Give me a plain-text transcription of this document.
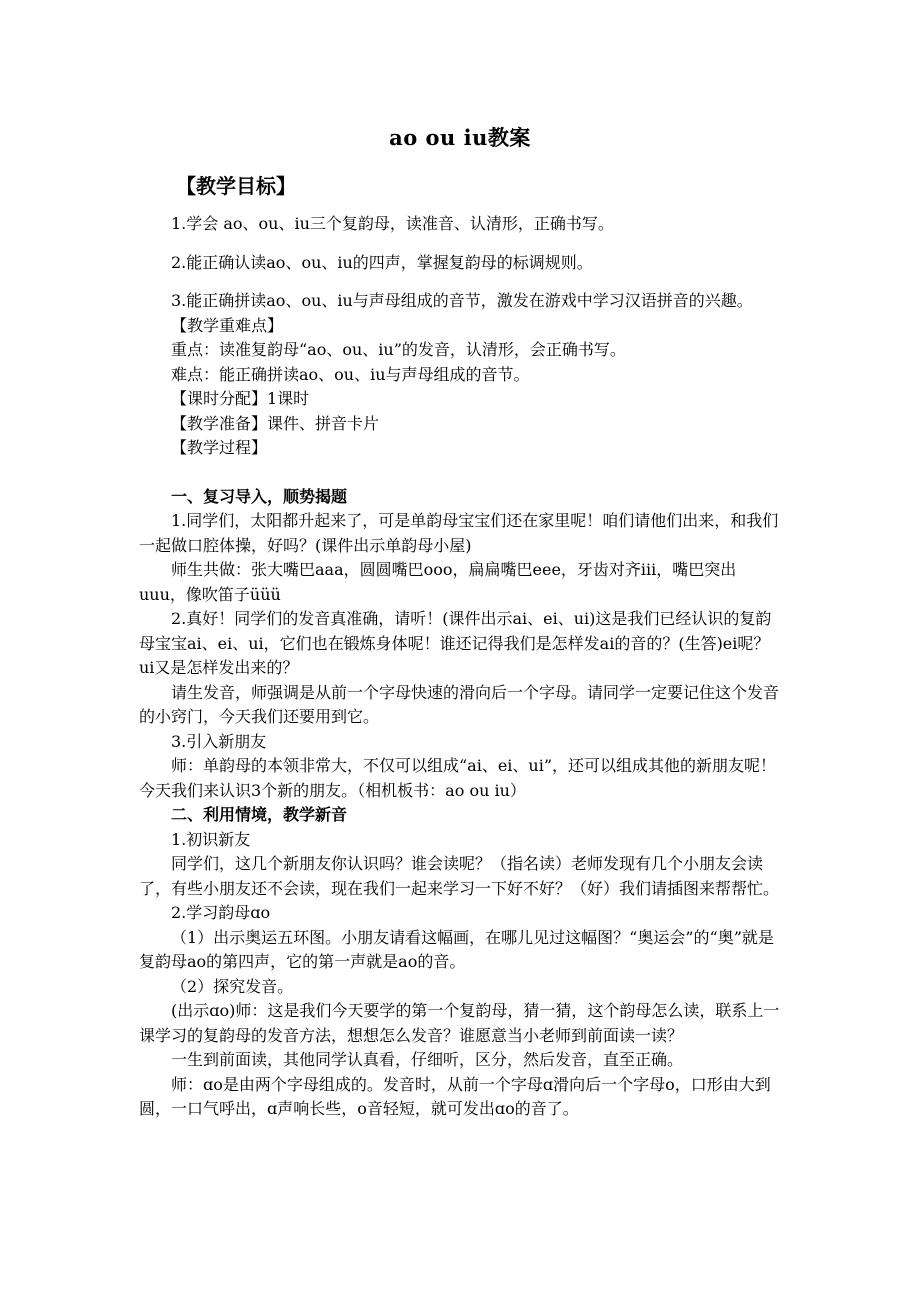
ao ou iu教案
【教学目标】

1.学会 ao、ou、iu三个复韵母，读准音、认清形，正确书写。

2.能正确认读ao、ou、iu的四声，掌握复韵母的标调规则。

3.能正确拼读ao、ou、iu与声母组成的音节，激发在游戏中学习汉语拼音的兴趣。

【教学重难点】

重点：读准复韵母“ao、ou、iu”的发音，认清形，会正确书写。

难点：能正确拼读ao、ou、iu与声母组成的音节。

【课时分配】1课时

【教学准备】课件、拼音卡片

【教学过程】

一、复习导入，顺势揭题

1.同学们，太阳都升起来了，可是单韵母宝宝们还在家里呢！咱们请他们出来，和我们一起做口腔体操，好吗？(课件出示单韵母小屋)

师生共做：张大嘴巴aaa，圆圆嘴巴ooo，扁扁嘴巴eee，牙齿对齐iii，嘴巴突出uuu，像吹笛子üüü

2.真好！同学们的发音真准确，请听！(课件出示ai、ei、ui)这是我们已经认识的复韵母宝宝ai、ei、ui，它们也在锻炼身体呢！谁还记得我们是怎样发ai的音的？(生答)ei呢？ui又是怎样发出来的？

请生发音，师强调是从前一个字母快速的滑向后一个字母。请同学一定要记住这个发音的小窍门，今天我们还要用到它。

3.引入新朋友

师：单韵母的本领非常大，不仅可以组成“ai、ei、ui”，还可以组成其他的新朋友呢！今天我们来认识3个新的朋友。（相机板书：ao ou iu）

二、利用情境，教学新音

1.初识新友

同学们，这几个新朋友你认识吗？谁会读呢？（指名读）老师发现有几个小朋友会读了，有些小朋友还不会读，现在我们一起来学习一下好不好？（好）我们请插图来帮帮忙。

2.学习韵母ɑo

（1）出示奥运五环图。小朋友请看这幅画，在哪儿见过这幅图？“奥运会”的“奥”就是复韵母ao的第四声，它的第一声就是ao的音。

（2）探究发音。

(出示ɑo)师：这是我们今天要学的第一个复韵母，猜一猜，这个韵母怎么读，联系上一课学习的复韵母的发音方法，想想怎么发音？谁愿意当小老师到前面读一读？

一生到前面读，其他同学认真看，仔细听，区分，然后发音，直至正确。

师：ɑo是由两个字母组成的。发音时，从前一个字母ɑ滑向后一个字母o，口形由大到圆，一口气呼出，ɑ声响长些，o音轻短，就可发出ɑo的音了。
